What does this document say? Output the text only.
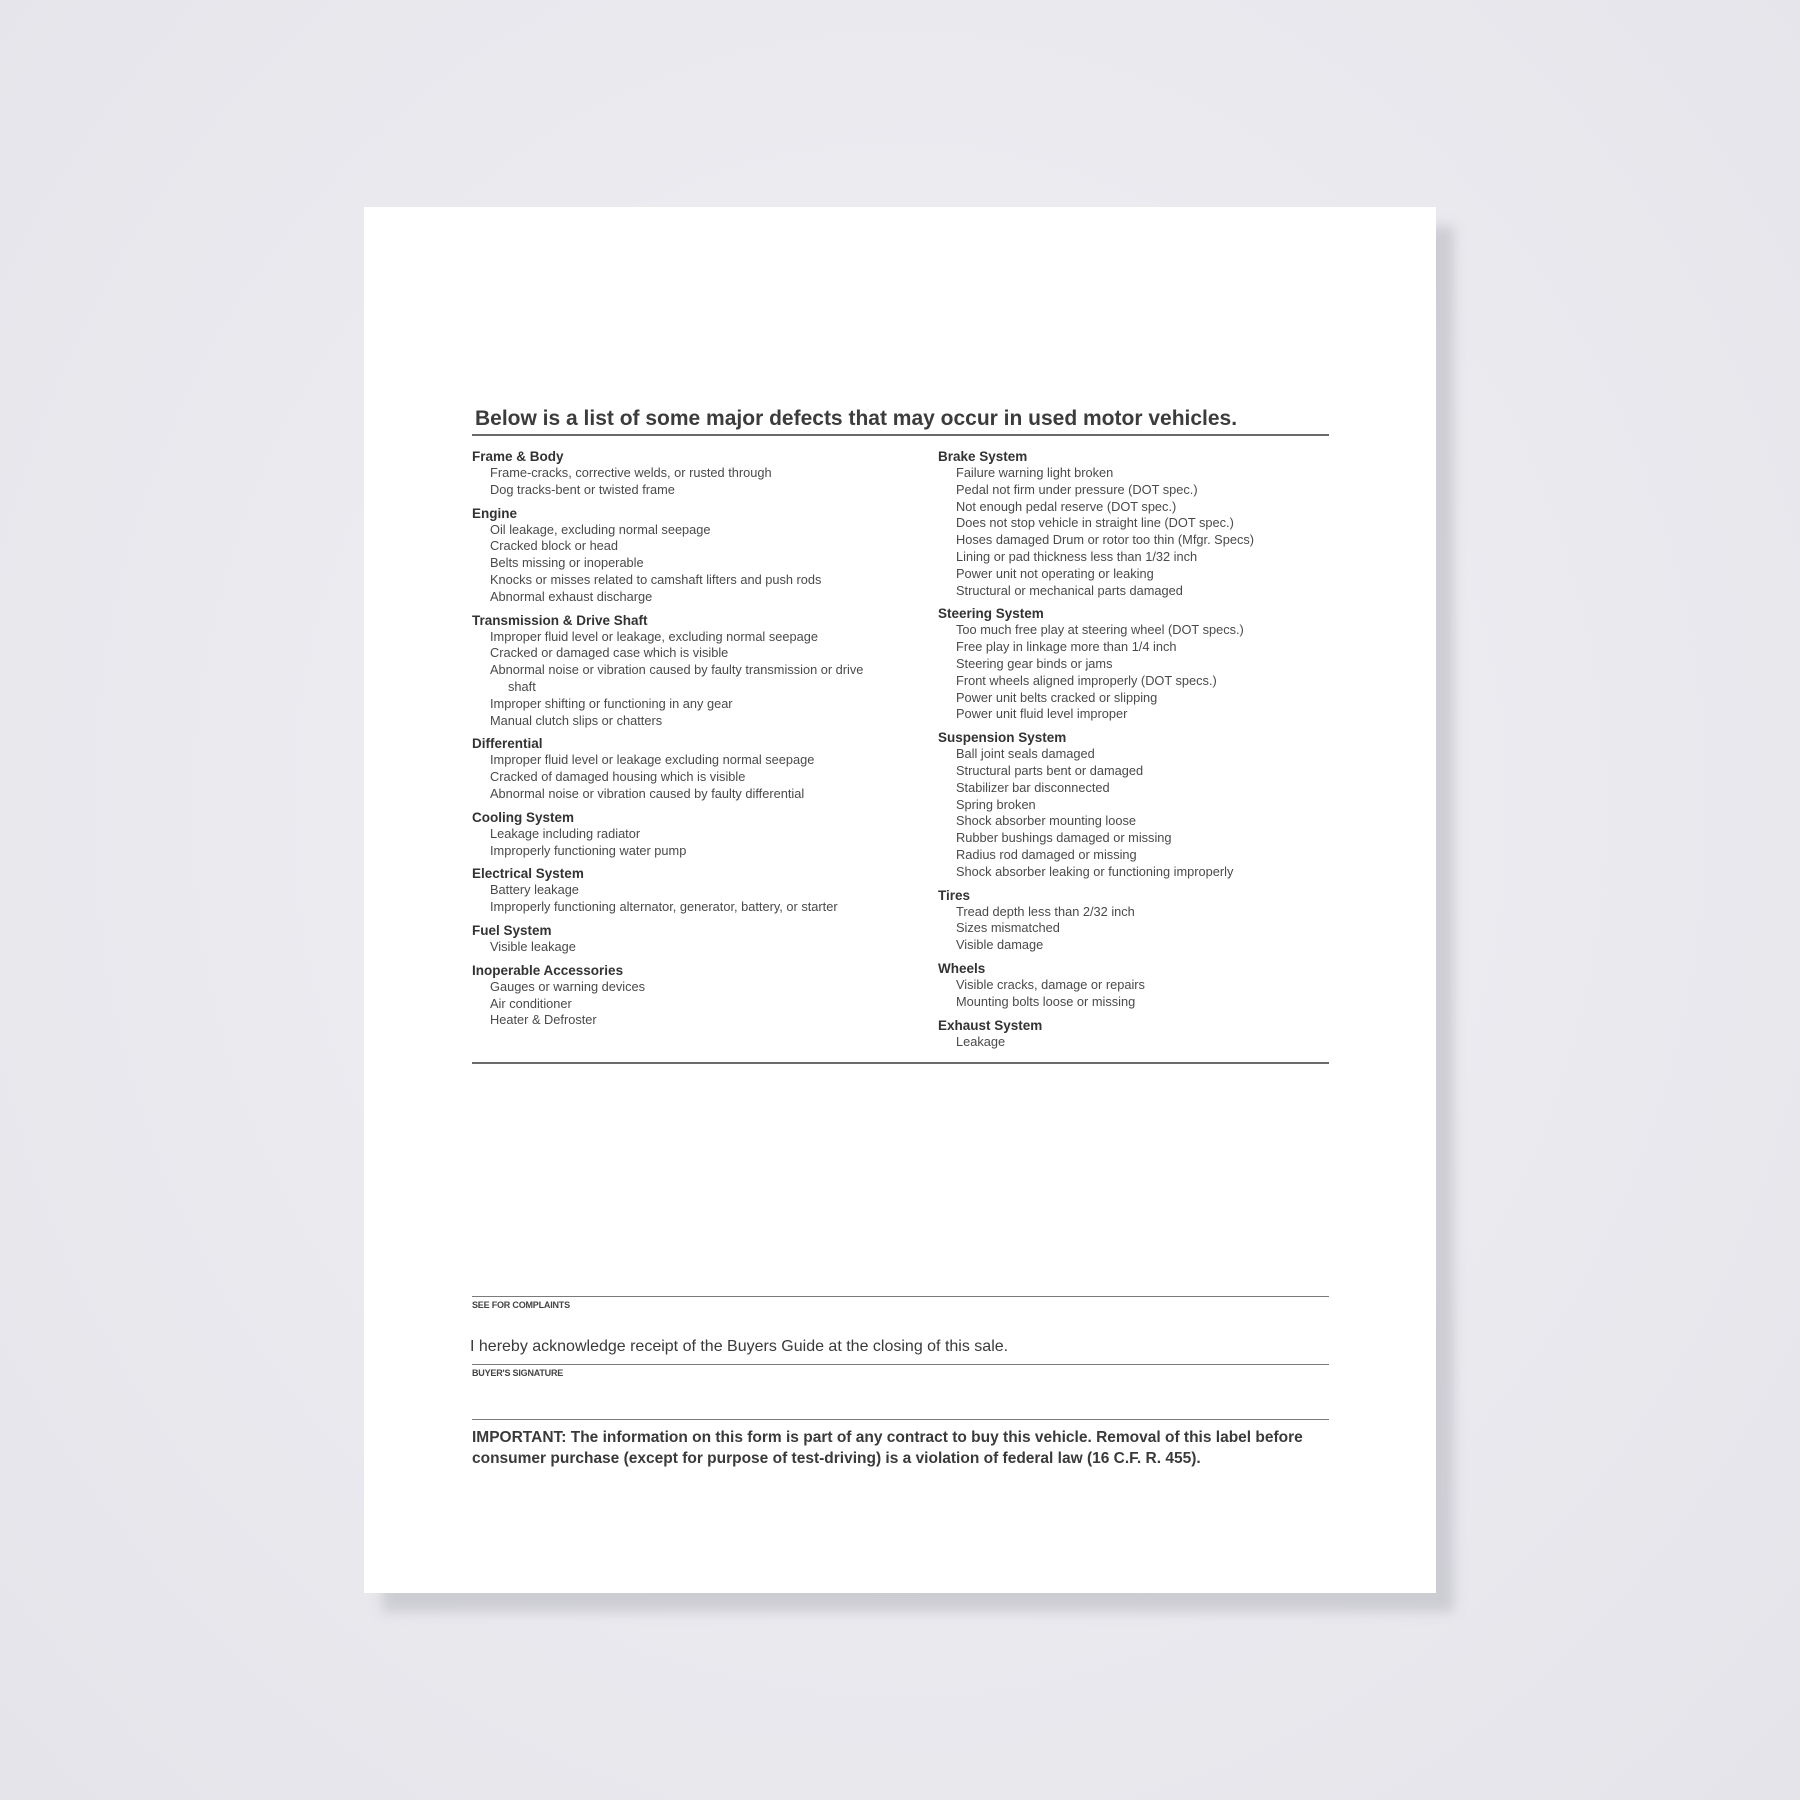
Below is a list of some major defects that may occur in used motor vehicles.
Frame & Body
Frame-cracks, corrective welds, or rusted through
Dog tracks-bent or twisted frame
Engine
Oil leakage, excluding normal seepage
Cracked block or head
Belts missing or inoperable
Knocks or misses related to camshaft lifters and push rods
Abnormal exhaust discharge
Transmission & Drive Shaft
Improper fluid level or leakage, excluding normal seepage
Cracked or damaged case which is visible
Abnormal noise or vibration caused by faulty transmission or drive shaft
Improper shifting or functioning in any gear
Manual clutch slips or chatters
Differential
Improper fluid level or leakage excluding normal seepage
Cracked of damaged housing which is visible
Abnormal noise or vibration caused by faulty differential
Cooling System
Leakage including radiator
Improperly functioning water pump
Electrical System
Battery leakage
Improperly functioning alternator, generator, battery, or starter
Fuel System
Visible leakage
Inoperable Accessories
Gauges or warning devices
Air conditioner
Heater & Defroster
Brake System
Failure warning light broken
Pedal not firm under pressure (DOT spec.)
Not enough pedal reserve (DOT spec.)
Does not stop vehicle in straight line (DOT spec.)
Hoses damaged Drum or rotor too thin (Mfgr. Specs)
Lining or pad thickness less than 1/32 inch
Power unit not operating or leaking
Structural or mechanical parts damaged
Steering System
Too much free play at steering wheel (DOT specs.)
Free play in linkage more than 1/4 inch
Steering gear binds or jams
Front wheels aligned improperly (DOT specs.)
Power unit belts cracked or slipping
Power unit fluid level improper
Suspension System
Ball joint seals damaged
Structural parts bent or damaged
Stabilizer bar disconnected
Spring broken
Shock absorber mounting loose
Rubber bushings damaged or missing
Radius rod damaged or missing
Shock absorber leaking or functioning improperly
Tires
Tread depth less than 2/32 inch
Sizes mismatched
Visible damage
Wheels
Visible cracks, damage or repairs
Mounting bolts loose or missing
Exhaust System
Leakage
SEE FOR COMPLAINTS
I hereby acknowledge receipt of the Buyers Guide at the closing of this sale.
BUYER'S SIGNATURE
IMPORTANT: The information on this form is part of any contract to buy this vehicle. Removal of this label before consumer purchase (except for purpose of test-driving) is a violation of federal law (16 C.F. R. 455).
